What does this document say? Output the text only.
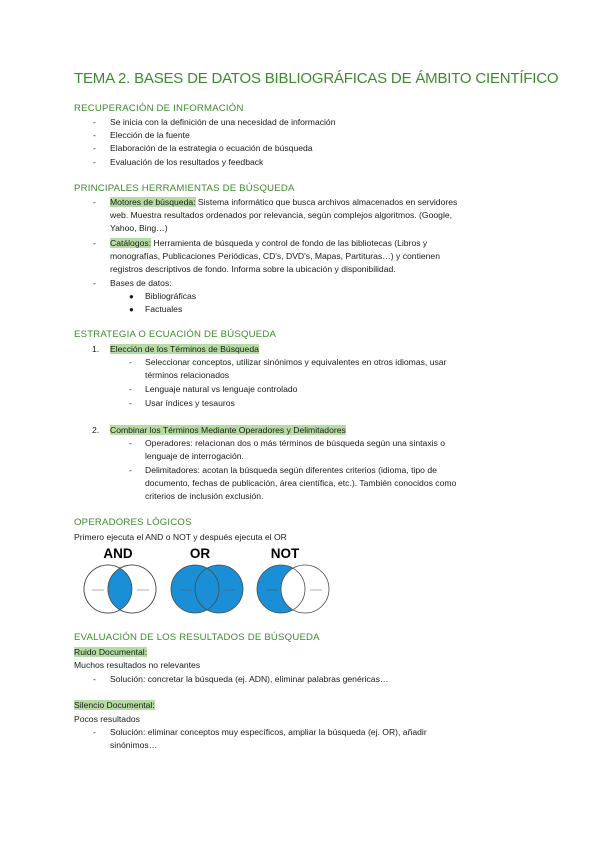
TEMA 2. BASES DE DATOS BIBLIOGRÁFICAS DE ÁMBITO CIENTÍFICO
RECUPERACIÓN DE INFORMACIÓN
- Se inicia con la definición de una necesidad de información
- Elección de la fuente
- Elaboración de la estrategia o ecuación de búsqueda
- Evaluación de los resultados y feedback
PRINCIPALES HERRAMIENTAS DE BÚSQUEDA
- Motores de búsqueda: Sistema informático que busca archivos almacenados en servidores
web. Muestra resultados ordenados por relevancia, según complejos algoritmos. (Google,
Yahoo, Bing…)
- Catálogos: Herramienta de búsqueda y control de fondo de las bibliotecas (Libros y
monografías, Publicaciones Periódicas, CD's, DVD's, Mapas, Partituras…) y contienen
registros descriptivos de fondo. Informa sobre la ubicación y disponibilidad.
- Bases de datos:
● Bibliográficas
● Factuales
ESTRATEGIA O ECUACIÓN DE BÚSQUEDA
1. Elección de los Términos de Búsqueda
- Seleccionar conceptos, utilizar sinónimos y equivalentes en otros idiomas, usar
términos relacionados
- Lenguaje natural vs lenguaje controlado
- Usar índices y tesauros
2. Combinar los Términos Mediante Operadores y Delimitadores
- Operadores: relacionan dos o más términos de búsqueda según una sintaxis o
lenguaje de interrogación.
- Delimitadores: acotan la búsqueda según diferentes criterios (idioma, tipo de
documento, fechas de publicación, área científica, etc.). También conocidos como
criterios de inclusión exclusión.
OPERADORES LÓGICOS
Primero ejecuta el AND o NOT y después ejecuta el OR
AND	OR	NOT
EVALUACIÓN DE LOS RESULTADOS DE BÚSQUEDA
Ruido Documental:
Muchos resultados no relevantes
- Solución: concretar la búsqueda (ej. ADN), eliminar palabras genéricas…
Silencio Documental:
Pocos resultados
- Solución: eliminar conceptos muy específicos, ampliar la búsqueda (ej. OR), añadir
sinónimos…
